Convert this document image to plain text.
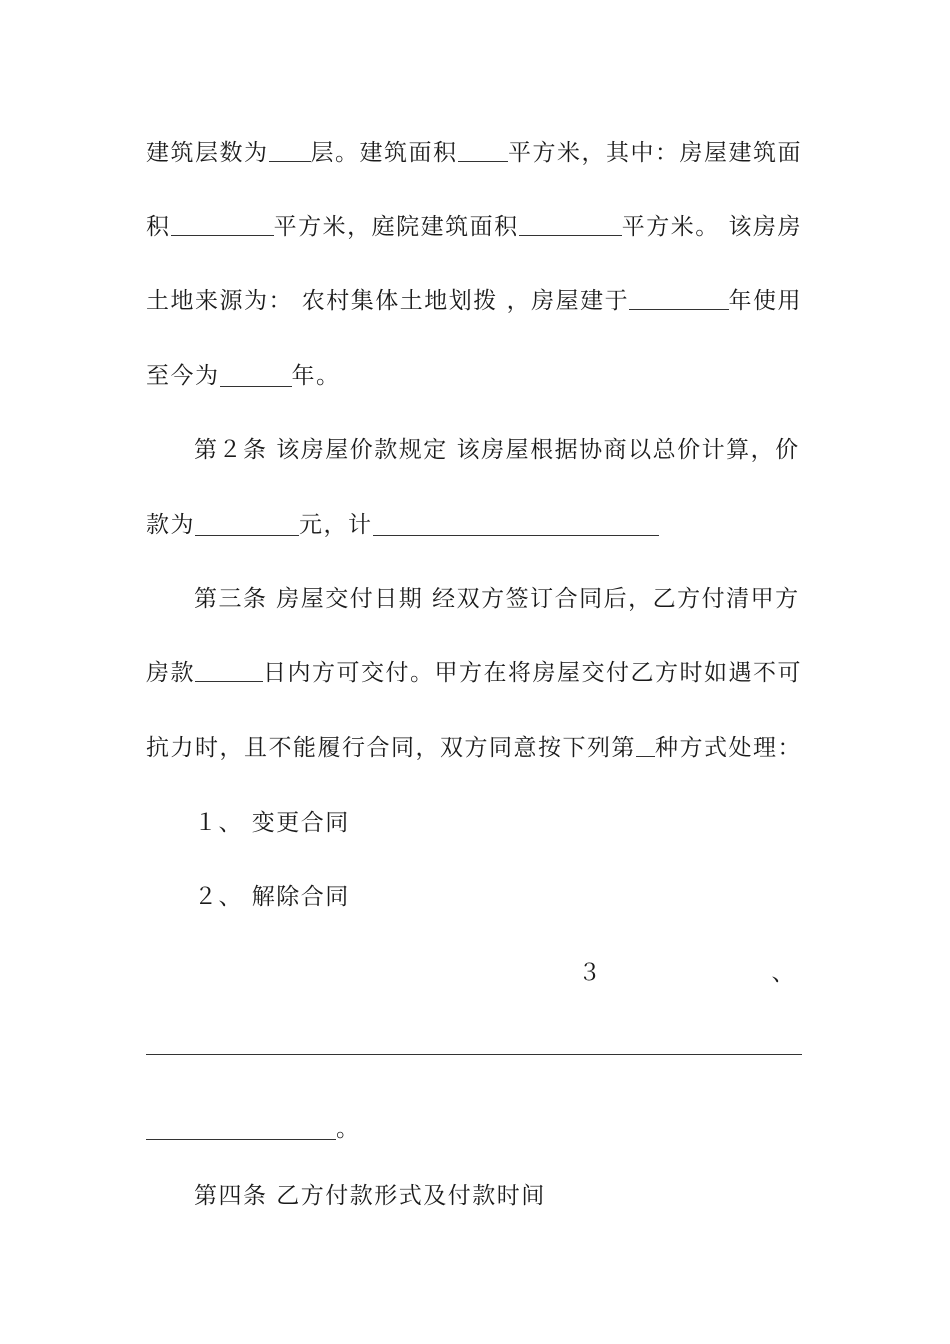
建筑层数为 层。建筑面积 平方米，其中：房屋建筑面
积	平方米，庭院建筑面积	平方米。 该房房
土地来源为： 农村集体土地划拨 ，房屋建于	年使用
至今为	年。
第２条 该房屋价款规定 该房屋根据协商以总价计算，价
款为	元，计
第三条 房屋交付日期 经双方签订合同后，乙方付清甲方
房款	日内方可交付。甲方在将房屋交付乙方时如遇不可
抗力时，且不能履行合同，双方同意按下列第 种方式处理：
１、 变更合同
２、 解除合同
３	、
。
第四条 乙方付款形式及付款时间
